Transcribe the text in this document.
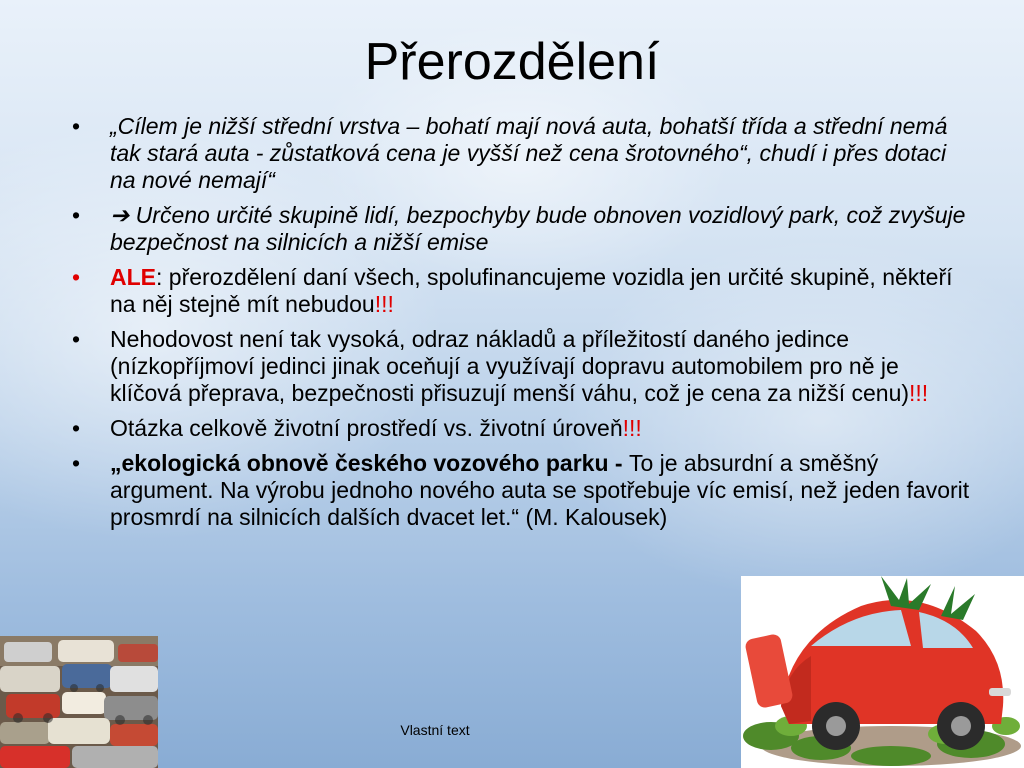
Přerozdělení
•	„Cílem je nižší střední vrstva – bohatí mají nová auta, bohatší třída a střední nemá tak stará auta - zůstatková cena je vyšší než cena šrotovného“, chudí i přes dotaci na nové nemají“
•	➔ Určeno určité skupině lidí, bezpochyby bude obnoven vozidlový park, což zvyšuje bezpečnost na silnicích a nižší emise
•	ALE: přerozdělení daní všech, spolufinancujeme vozidla jen určité skupině, někteří na něj stejně mít nebudou!!!
•	Nehodovost není tak vysoká, odraz nákladů a příležitostí daného jedince (nízkopříjmoví jedinci jinak oceňují a využívají dopravu automobilem pro ně je klíčová přeprava, bezpečnosti přisuzují menší váhu, což je cena za nižší cenu)!!!
•	Otázka celkově životní prostředí vs. životní úroveň!!!
•	„ekologická obnově českého vozového parku - To je absurdní a směšný argument. Na výrobu jednoho nového auta se spotřebuje víc emisí, než jeden favorit prosmrdí na silnicích dalších dvacet let.“ (M. Kalousek)
Vlastní text
